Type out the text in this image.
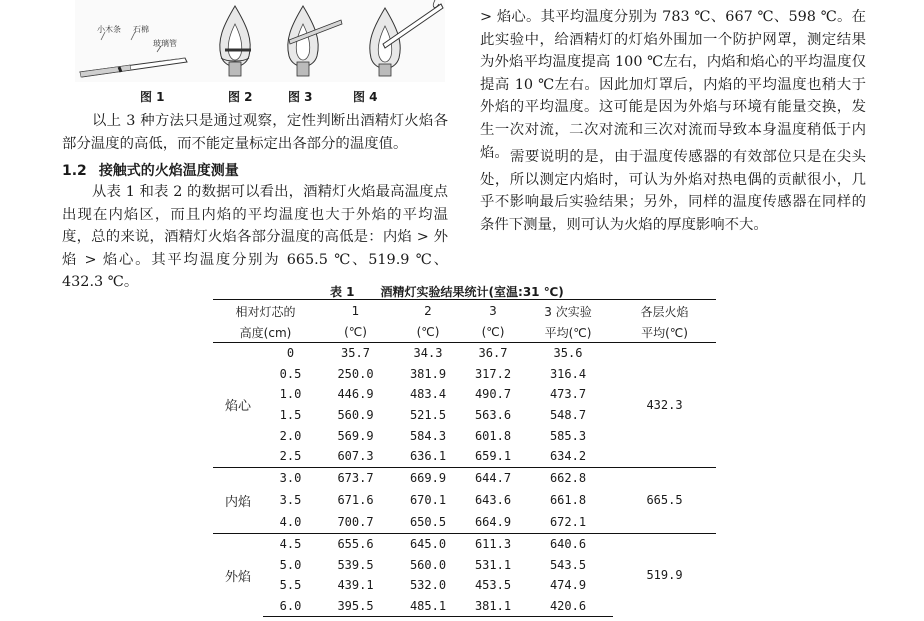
小木条 石棉
玻璃管
图 1	图 2	图 3	图 4

以上 3 种方法只是通过观察，定性判断出酒精灯火焰各部分温度的高低，而不能定量标定出各部分的温度值。

1.2 接触式的火焰温度测量

从表 1 和表 2 的数据可以看出，酒精灯火焰最高温度点出现在内焰区，而且内焰的平均温度也大于外焰的平均温度，总的来说，酒精灯火焰各部分温度的高低是：内焰 > 外焰 > 焰心。其平均温度分别为 665.5 ℃、519.9 ℃、432.3 ℃。

> 焰心。其平均温度分别为 783 ℃、667 ℃、598 ℃。在此实验中，给酒精灯的灯焰外围加一个防护网罩，测定结果为外焰平均温度提高 100 ℃左右，内焰和焰心的平均温度仅提高 10 ℃左右。因此加灯罩后，内焰的平均温度也稍大于外焰的平均温度。这可能是因为外焰与环境有能量交换，发生一次对流，二次对流和三次对流而导致本身温度稍低于内焰。 需要说明的是，由于温度传感器的有效部位只是在尖头处，所以测定内焰时，可认为外焰对热电偶的贡献很小，几乎不影响最后实验结果；另外，同样的温度传感器在同样的条件下测量，则可认为火焰的厚度影响不大。

表 1 酒精灯实验结果统计(室温:31 ℃)
相对灯芯的		1	2	3	3 次实验	各层火焰
高度(cm)		(℃)	(℃)	(℃)	平均(℃)	平均(℃)
焰心	0	35.7	34.3	36.7	35.6	432.3
	0.5	250.0	381.9	317.2	316.4	
	1.0	446.9	483.4	490.7	473.7	
	1.5	560.9	521.5	563.6	548.7	
	2.0	569.9	584.3	601.8	585.3	
	2.5	607.3	636.1	659.1	634.2	
内焰	3.0	673.7	669.9	644.7	662.8	665.5
	3.5	671.6	670.1	643.6	661.8	
	4.0	700.7	650.5	664.9	672.1	
外焰	4.5	655.6	645.0	611.3	640.6	519.9
	5.0	539.5	560.0	531.1	543.5	
	5.5	439.1	532.0	453.5	474.9	
	6.0	395.5	485.1	381.1	420.6	
